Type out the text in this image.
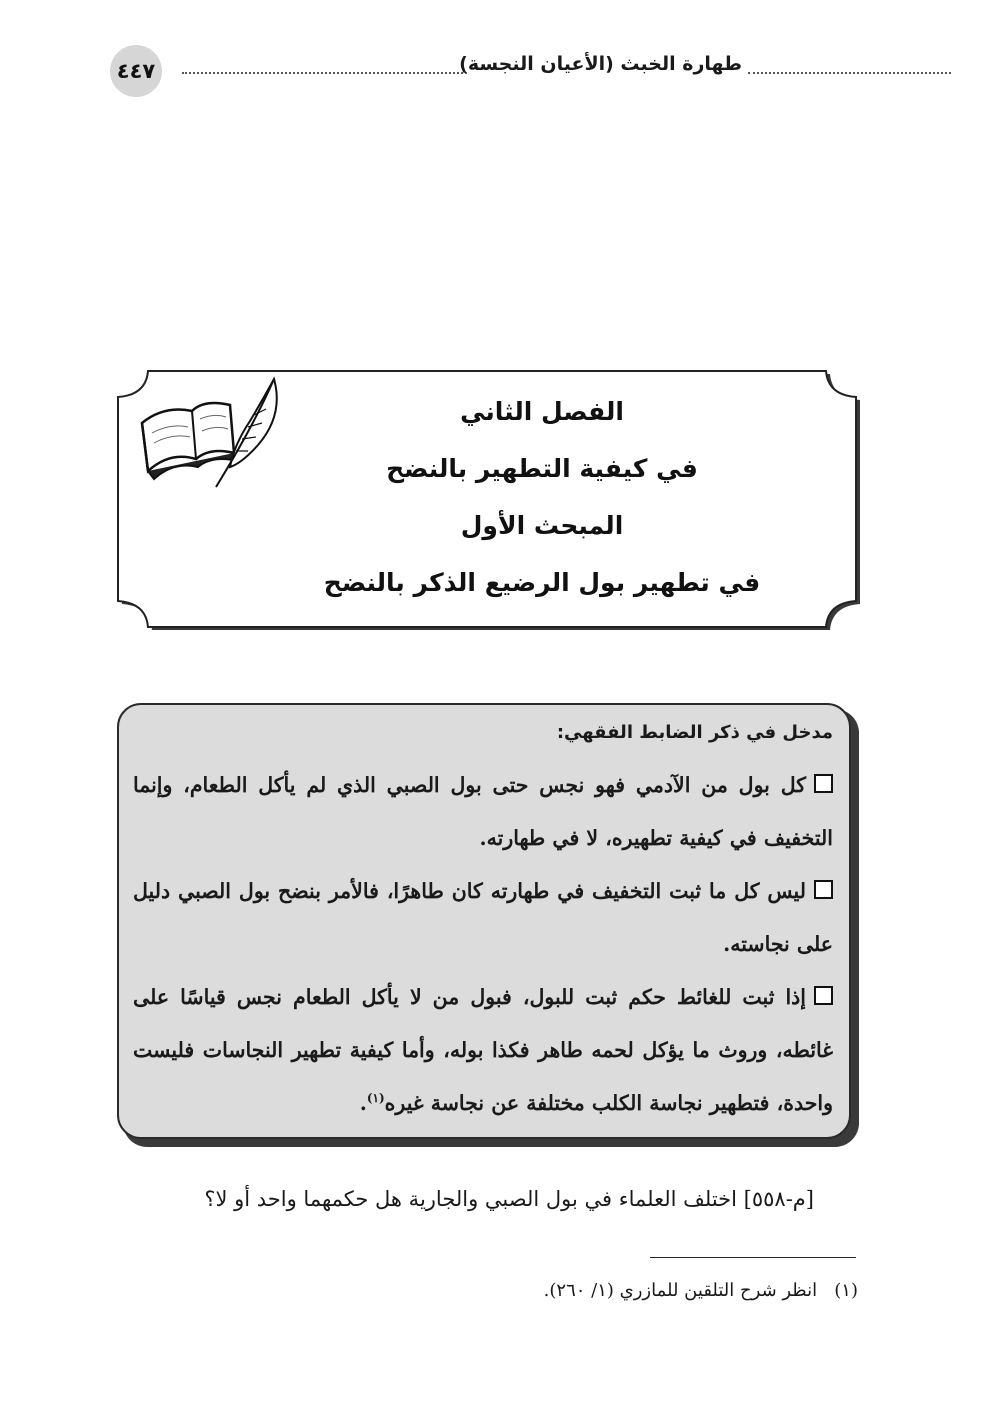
٤٤٧	طهارة الخبث (الأعيان النجسة)
الفصل الثاني
في كيفية التطهير بالنضح
المبحث الأول
في تطهير بول الرضيع الذكر بالنضح
مدخل في ذكر الضابط الفقهي:

كل بول من الآدمي فهو نجس حتى بول الصبي الذي لم يأكل الطعام، وإنما التخفيف في كيفية تطهيره، لا في طهارته.

ليس كل ما ثبت التخفيف في طهارته كان طاهرًا، فالأمر بنضح بول الصبي دليل على نجاسته.

إذا ثبت للغائط حكم ثبت للبول، فبول من لا يأكل الطعام نجس قياسًا على غائطه، وروث ما يؤكل لحمه طاهر فكذا بوله، وأما كيفية تطهير النجاسات فليست واحدة، فتطهير نجاسة الكلب مختلفة عن نجاسة غيره$^{(١)}$.

[م-٥٥٨] اختلف العلماء في بول الصبي والجارية هل حكمهما واحد أو لا؟
(١)   انظر شرح التلقين للمازري (١/ ٢٦٠).
